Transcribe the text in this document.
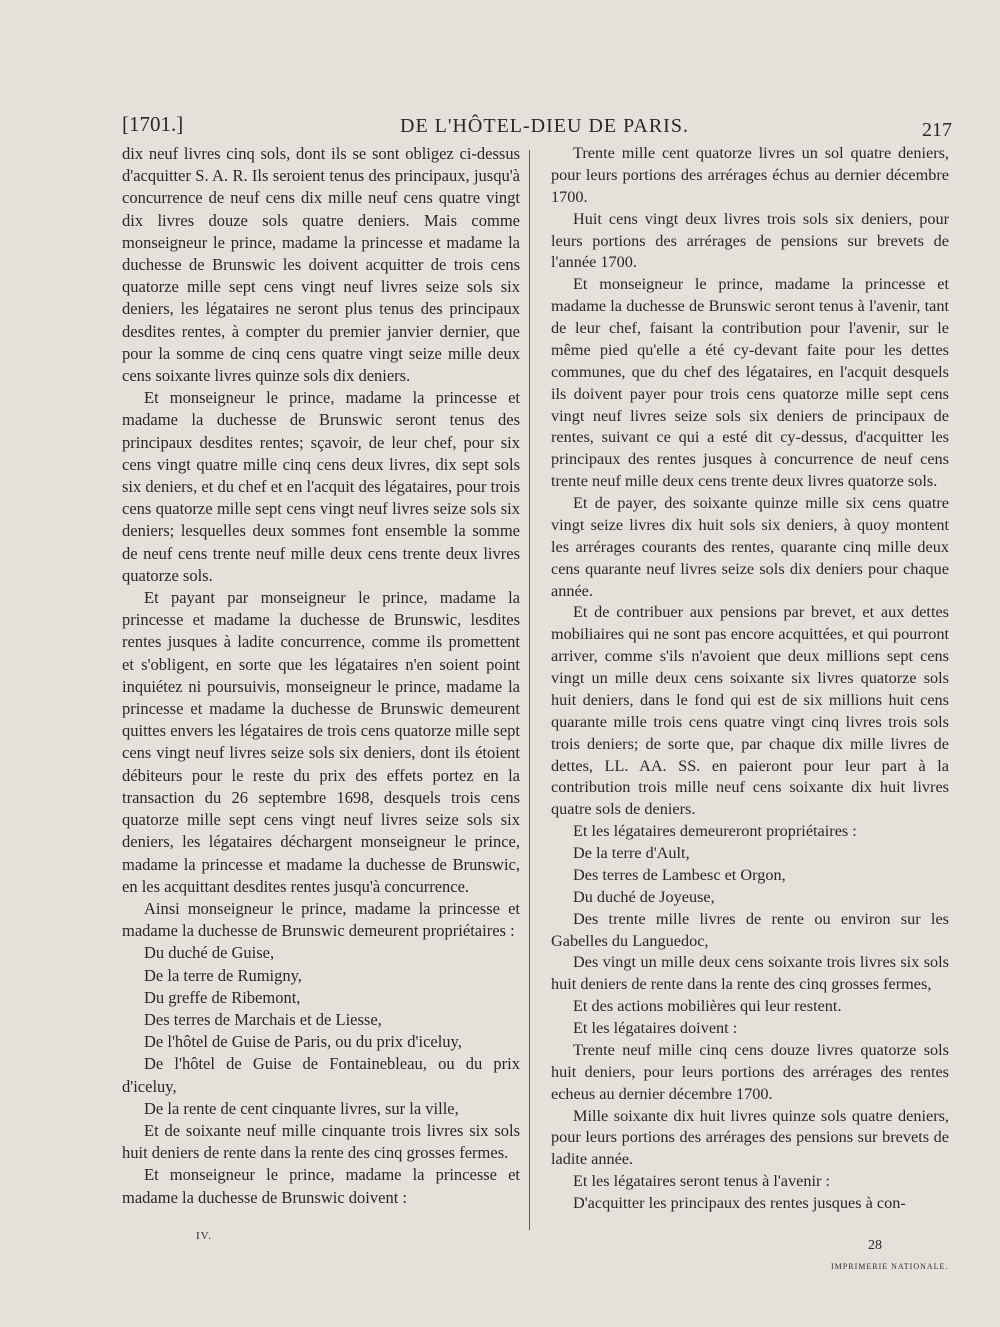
[1701.]	DE L'HÔTEL-DIEU DE PARIS.	217

dix neuf livres cinq sols, dont ils se sont obligez ci-dessus d'acquitter S. A. R. Ils seroient tenus des principaux, jusqu'à concurrence de neuf cens dix mille neuf cens quatre vingt dix livres douze sols quatre deniers. Mais comme monseigneur le prince, madame la princesse et madame la duchesse de Brunswic les doivent acquitter de trois cens quatorze mille sept cens vingt neuf livres seize sols six deniers, les légataires ne seront plus tenus des principaux desdites rentes, à compter du premier janvier dernier, que pour la somme de cinq cens quatre vingt seize mille deux cens soixante livres quinze sols dix deniers.

Et monseigneur le prince, madame la princesse et madame la duchesse de Brunswic seront tenus des principaux desdites rentes; sçavoir, de leur chef, pour six cens vingt quatre mille cinq cens deux livres, dix sept sols six deniers, et du chef et en l'acquit des légataires, pour trois cens quatorze mille sept cens vingt neuf livres seize sols six deniers; lesquelles deux sommes font ensemble la somme de neuf cens trente neuf mille deux cens trente deux livres quatorze sols.

Et payant par monseigneur le prince, madame la princesse et madame la duchesse de Brunswic, lesdites rentes jusques à ladite concurrence, comme ils promettent et s'obligent, en sorte que les légataires n'en soient point inquiétez ni poursuivis, monseigneur le prince, madame la princesse et madame la duchesse de Brunswic demeurent quittes envers les légataires de trois cens quatorze mille sept cens vingt neuf livres seize sols six deniers, dont ils étoient débiteurs pour le reste du prix des effets portez en la transaction du 26 septembre 1698, desquels trois cens quatorze mille sept cens vingt neuf livres seize sols six deniers, les légataires déchargent monseigneur le prince, madame la princesse et madame la duchesse de Brunswic, en les acquittant desdites rentes jusqu'à concurrence.

Ainsi monseigneur le prince, madame la princesse et madame la duchesse de Brunswic demeurent propriétaires :

Du duché de Guise,

De la terre de Rumigny,

Du greffe de Ribemont,

Des terres de Marchais et de Liesse,

De l'hôtel de Guise de Paris, ou du prix d'iceluy,

De l'hôtel de Guise de Fontainebleau, ou du prix d'iceluy,

De la rente de cent cinquante livres, sur la ville,

Et de soixante neuf mille cinquante trois livres six sols huit deniers de rente dans la rente des cinq grosses fermes.

Et monseigneur le prince, madame la princesse et madame la duchesse de Brunswic doivent :

Trente mille cent quatorze livres un sol quatre deniers, pour leurs portions des arrérages échus au dernier décembre 1700.

Huit cens vingt deux livres trois sols six deniers, pour leurs portions des arrérages de pensions sur brevets de l'année 1700.

Et monseigneur le prince, madame la princesse et madame la duchesse de Brunswic seront tenus à l'avenir, tant de leur chef, faisant la contribution pour l'avenir, sur le même pied qu'elle a été cy-devant faite pour les dettes communes, que du chef des légataires, en l'acquit desquels ils doivent payer pour trois cens quatorze mille sept cens vingt neuf livres seize sols six deniers de principaux de rentes, suivant ce qui a esté dit cy-dessus, d'acquitter les principaux des rentes jusques à concurrence de neuf cens trente neuf mille deux cens trente deux livres quatorze sols.

Et de payer, des soixante quinze mille six cens quatre vingt seize livres dix huit sols six deniers, à quoy montent les arrérages courants des rentes, quarante cinq mille deux cens quarante neuf livres seize sols dix deniers pour chaque année.

Et de contribuer aux pensions par brevet, et aux dettes mobiliaires qui ne sont pas encore acquittées, et qui pourront arriver, comme s'ils n'avoient que deux millions sept cens vingt un mille deux cens soixante six livres quatorze sols huit deniers, dans le fond qui est de six millions huit cens quarante mille trois cens quatre vingt cinq livres trois sols trois deniers; de sorte que, par chaque dix mille livres de dettes, LL. AA. SS. en paieront pour leur part à la contribution trois mille neuf cens soixante dix huit livres quatre sols de deniers.

Et les légataires demeureront propriétaires :

De la terre d'Ault,

Des terres de Lambesc et Orgon,

Du duché de Joyeuse,

Des trente mille livres de rente ou environ sur les Gabelles du Languedoc,

Des vingt un mille deux cens soixante trois livres six sols huit deniers de rente dans la rente des cinq grosses fermes,

Et des actions mobilières qui leur restent.

Et les légataires doivent :

Trente neuf mille cinq cens douze livres quatorze sols huit deniers, pour leurs portions des arrérages des rentes echeus au dernier décembre 1700.

Mille soixante dix huit livres quinze sols quatre deniers, pour leurs portions des arrérages des pensions sur brevets de ladite année.

Et les légataires seront tenus à l'avenir :

D'acquitter les principaux des rentes jusques à con-

IV.
28
IMPRIMERIE NATIONALE.
